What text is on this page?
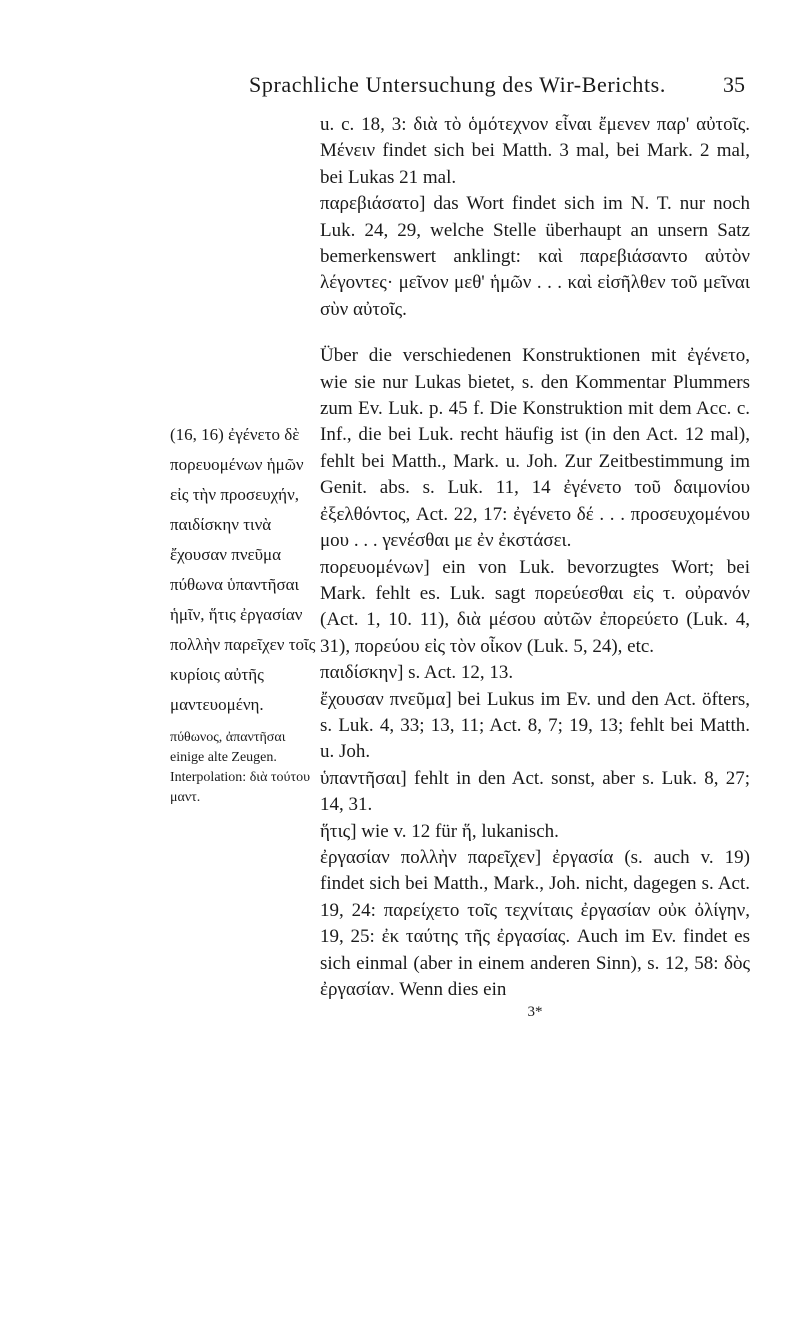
Sprachliche Untersuchung des Wir-Berichts.	35
(16, 16) ἐγένετο δὲ πορευομένων ἡμῶν εἰς τὴν προσευχήν, παιδίσκην τινὰ ἔχουσαν πνεῦμα πύθωνα ὑπαντῆσαι ἡμῖν, ἥτις ἐργασίαν πολλὴν παρεῖχεν τοῖς κυρίοις αὐτῆς μαντευομένη.
πύθωνος, ἀπαντῆσαι einige alte Zeugen. Interpolation: διὰ τούτου μαντ.

u. c. 18, 3: διὰ τὸ ὁμότεχνον εἶναι ἔμενεν παρ' αὐτοῖς. Μένειν findet sich bei Matth. 3 mal, bei Mark. 2 mal, bei Lukas 21 mal.

παρεβιάσατο] das Wort findet sich im N. T. nur noch Luk. 24, 29, welche Stelle überhaupt an unsern Satz bemerkenswert anklingt: καὶ παρεβιάσαντο αὐτὸν λέγοντες· μεῖνον μεθ' ἡμῶν . . . καὶ εἰσῆλθεν τοῦ μεῖναι σὺν αὐτοῖς.

Über die verschiedenen Konstruktionen mit ἐγένετο, wie sie nur Lukas bietet, s. den Kommentar Plummers zum Ev. Luk. p. 45 f. Die Konstruktion mit dem Acc. c. Inf., die bei Luk. recht häufig ist (in den Act. 12 mal), fehlt bei Matth., Mark. u. Joh. Zur Zeitbestimmung im Genit. abs. s. Luk. 11, 14 ἐγένετο τοῦ δαιμονίου ἐξελθόντος, Act. 22, 17: ἐγένετο δέ . . . προσευχομένου μου . . . γενέσθαι με ἐν ἐκστάσει.

πορευομένων] ein von Luk. bevorzugtes Wort; bei Mark. fehlt es. Luk. sagt πορεύεσθαι εἰς τ. οὐρανόν (Act. 1, 10. 11), διὰ μέσου αὐτῶν ἐπορεύετο (Luk. 4, 31), πορεύου εἰς τὸν οἶκον (Luk. 5, 24), etc.

παιδίσκην] s. Act. 12, 13.

ἔχουσαν πνεῦμα] bei Lukus im Ev. und den Act. öfters, s. Luk. 4, 33; 13, 11; Act. 8, 7; 19, 13; fehlt bei Matth. u. Joh.

ὑπαντῆσαι] fehlt in den Act. sonst, aber s. Luk. 8, 27; 14, 31.

ἥτις] wie v. 12 für ἥ, lukanisch.

ἐργασίαν πολλὴν παρεῖχεν] ἐργασία (s. auch v. 19) findet sich bei Matth., Mark., Joh. nicht, dagegen s. Act. 19, 24: παρείχετο τοῖς τεχνίταις ἐργασίαν οὐκ ὀλίγην, 19, 25: ἐκ ταύτης τῆς ἐργασίας. Auch im Ev. findet es sich einmal (aber in einem anderen Sinn), s. 12, 58: δὸς ἐργασίαν. Wenn dies ein

3*
